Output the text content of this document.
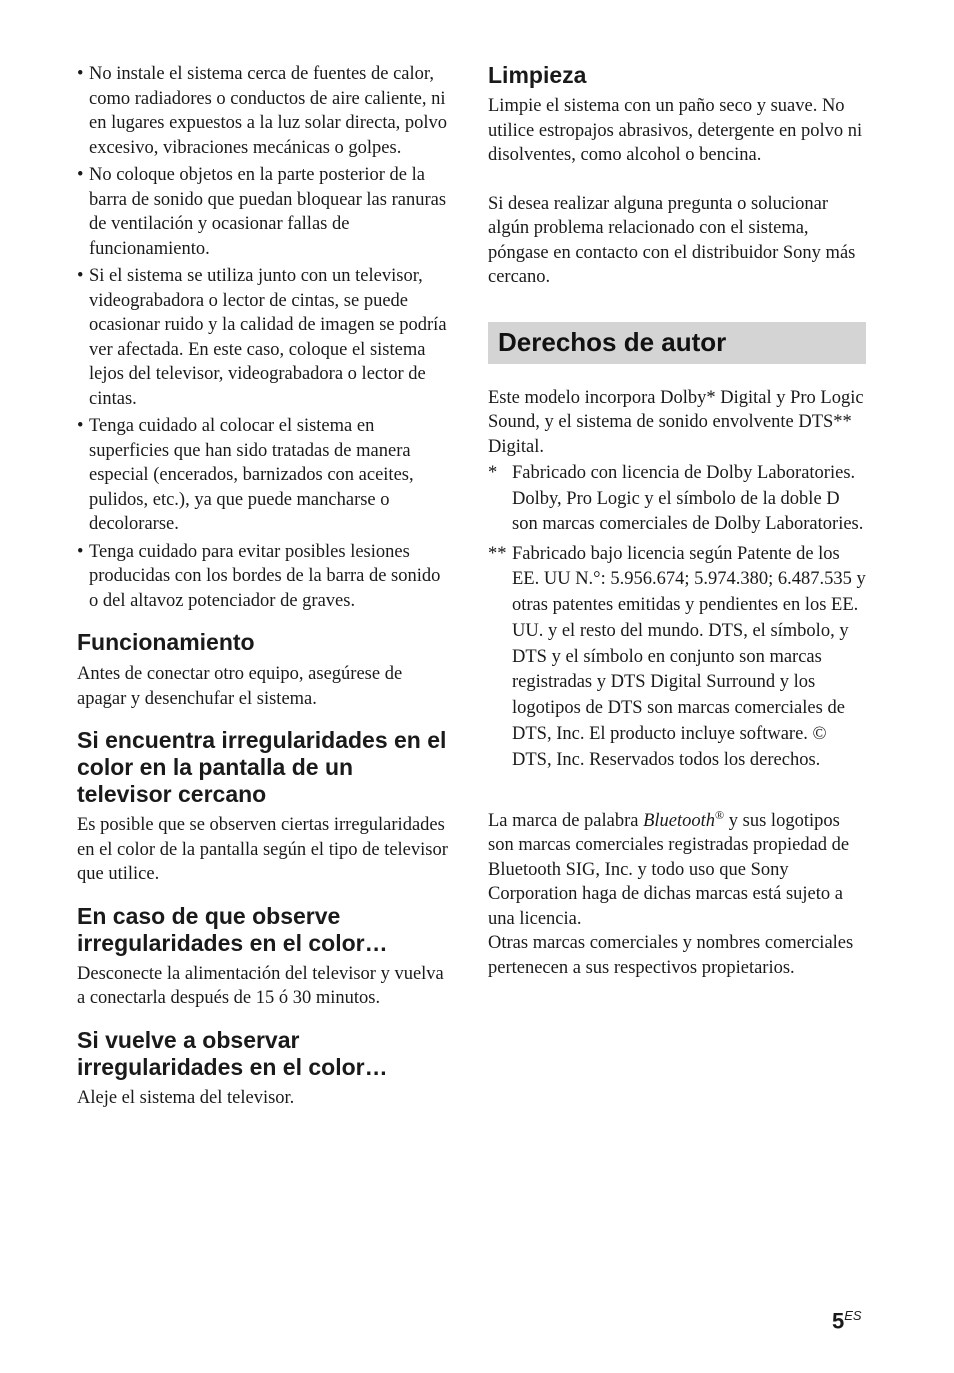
• No instale el sistema cerca de fuentes de calor, como radiadores o conductos de aire caliente, ni en lugares expuestos a la luz solar directa, polvo excesivo, vibraciones mecánicas o golpes.
• No coloque objetos en la parte posterior de la barra de sonido que puedan bloquear las ranuras de ventilación y ocasionar fallas de funcionamiento.
• Si el sistema se utiliza junto con un televisor, videograbadora o lector de cintas, se puede ocasionar ruido y la calidad de imagen se podría ver afectada. En este caso, coloque el sistema lejos del televisor, videograbadora o lector de cintas.
• Tenga cuidado al colocar el sistema en superficies que han sido tratadas de manera especial (encerados, barnizados con aceites, pulidos, etc.), ya que puede mancharse o decolorarse.
• Tenga cuidado para evitar posibles lesiones producidas con los bordes de la barra de sonido o del altavoz potenciador de graves.
Funcionamiento

Antes de conectar otro equipo, asegúrese de apagar y desenchufar el sistema.

Si encuentra irregularidades en el color en la pantalla de un televisor cercano

Es posible que se observen ciertas irregularidades en el color de la pantalla según el tipo de televisor que utilice.

En caso de que observe irregularidades en el color…

Desconecte la alimentación del televisor y vuelva a conectarla después de 15 ó 30 minutos.

Si vuelve a observar irregularidades en el color…

Aleje el sistema del televisor.

Limpieza

Limpie el sistema con un paño seco y suave. No utilice estropajos abrasivos, detergente en polvo ni disolventes, como alcohol o bencina.

Si desea realizar alguna pregunta o solucionar algún problema relacionado con el sistema, póngase en contacto con el distribuidor Sony más cercano.

Derechos de autor

Este modelo incorpora Dolby* Digital y Pro Logic Sound, y el sistema de sonido envolvente DTS** Digital.

* Fabricado con licencia de Dolby Laboratories.

Dolby, Pro Logic y el símbolo de la doble D son marcas comerciales de Dolby Laboratories.

** Fabricado bajo licencia según Patente de los EE. UU N.°: 5.956.674; 5.974.380; 6.487.535 y otras patentes emitidas y pendientes en los EE. UU. y el resto del mundo. DTS, el símbolo, y DTS y el símbolo en conjunto son marcas registradas y DTS Digital Surround y los logotipos de DTS son marcas comerciales de DTS, Inc. El producto incluye software. © DTS, Inc. Reservados todos los derechos.

La marca de palabra Bluetooth® y sus logotipos son marcas comerciales registradas propiedad de Bluetooth SIG, Inc. y todo uso que Sony Corporation haga de dichas marcas está sujeto a una licencia.

Otras marcas comerciales y nombres comerciales pertenecen a sus respectivos propietarios.

$5^{ES}$
